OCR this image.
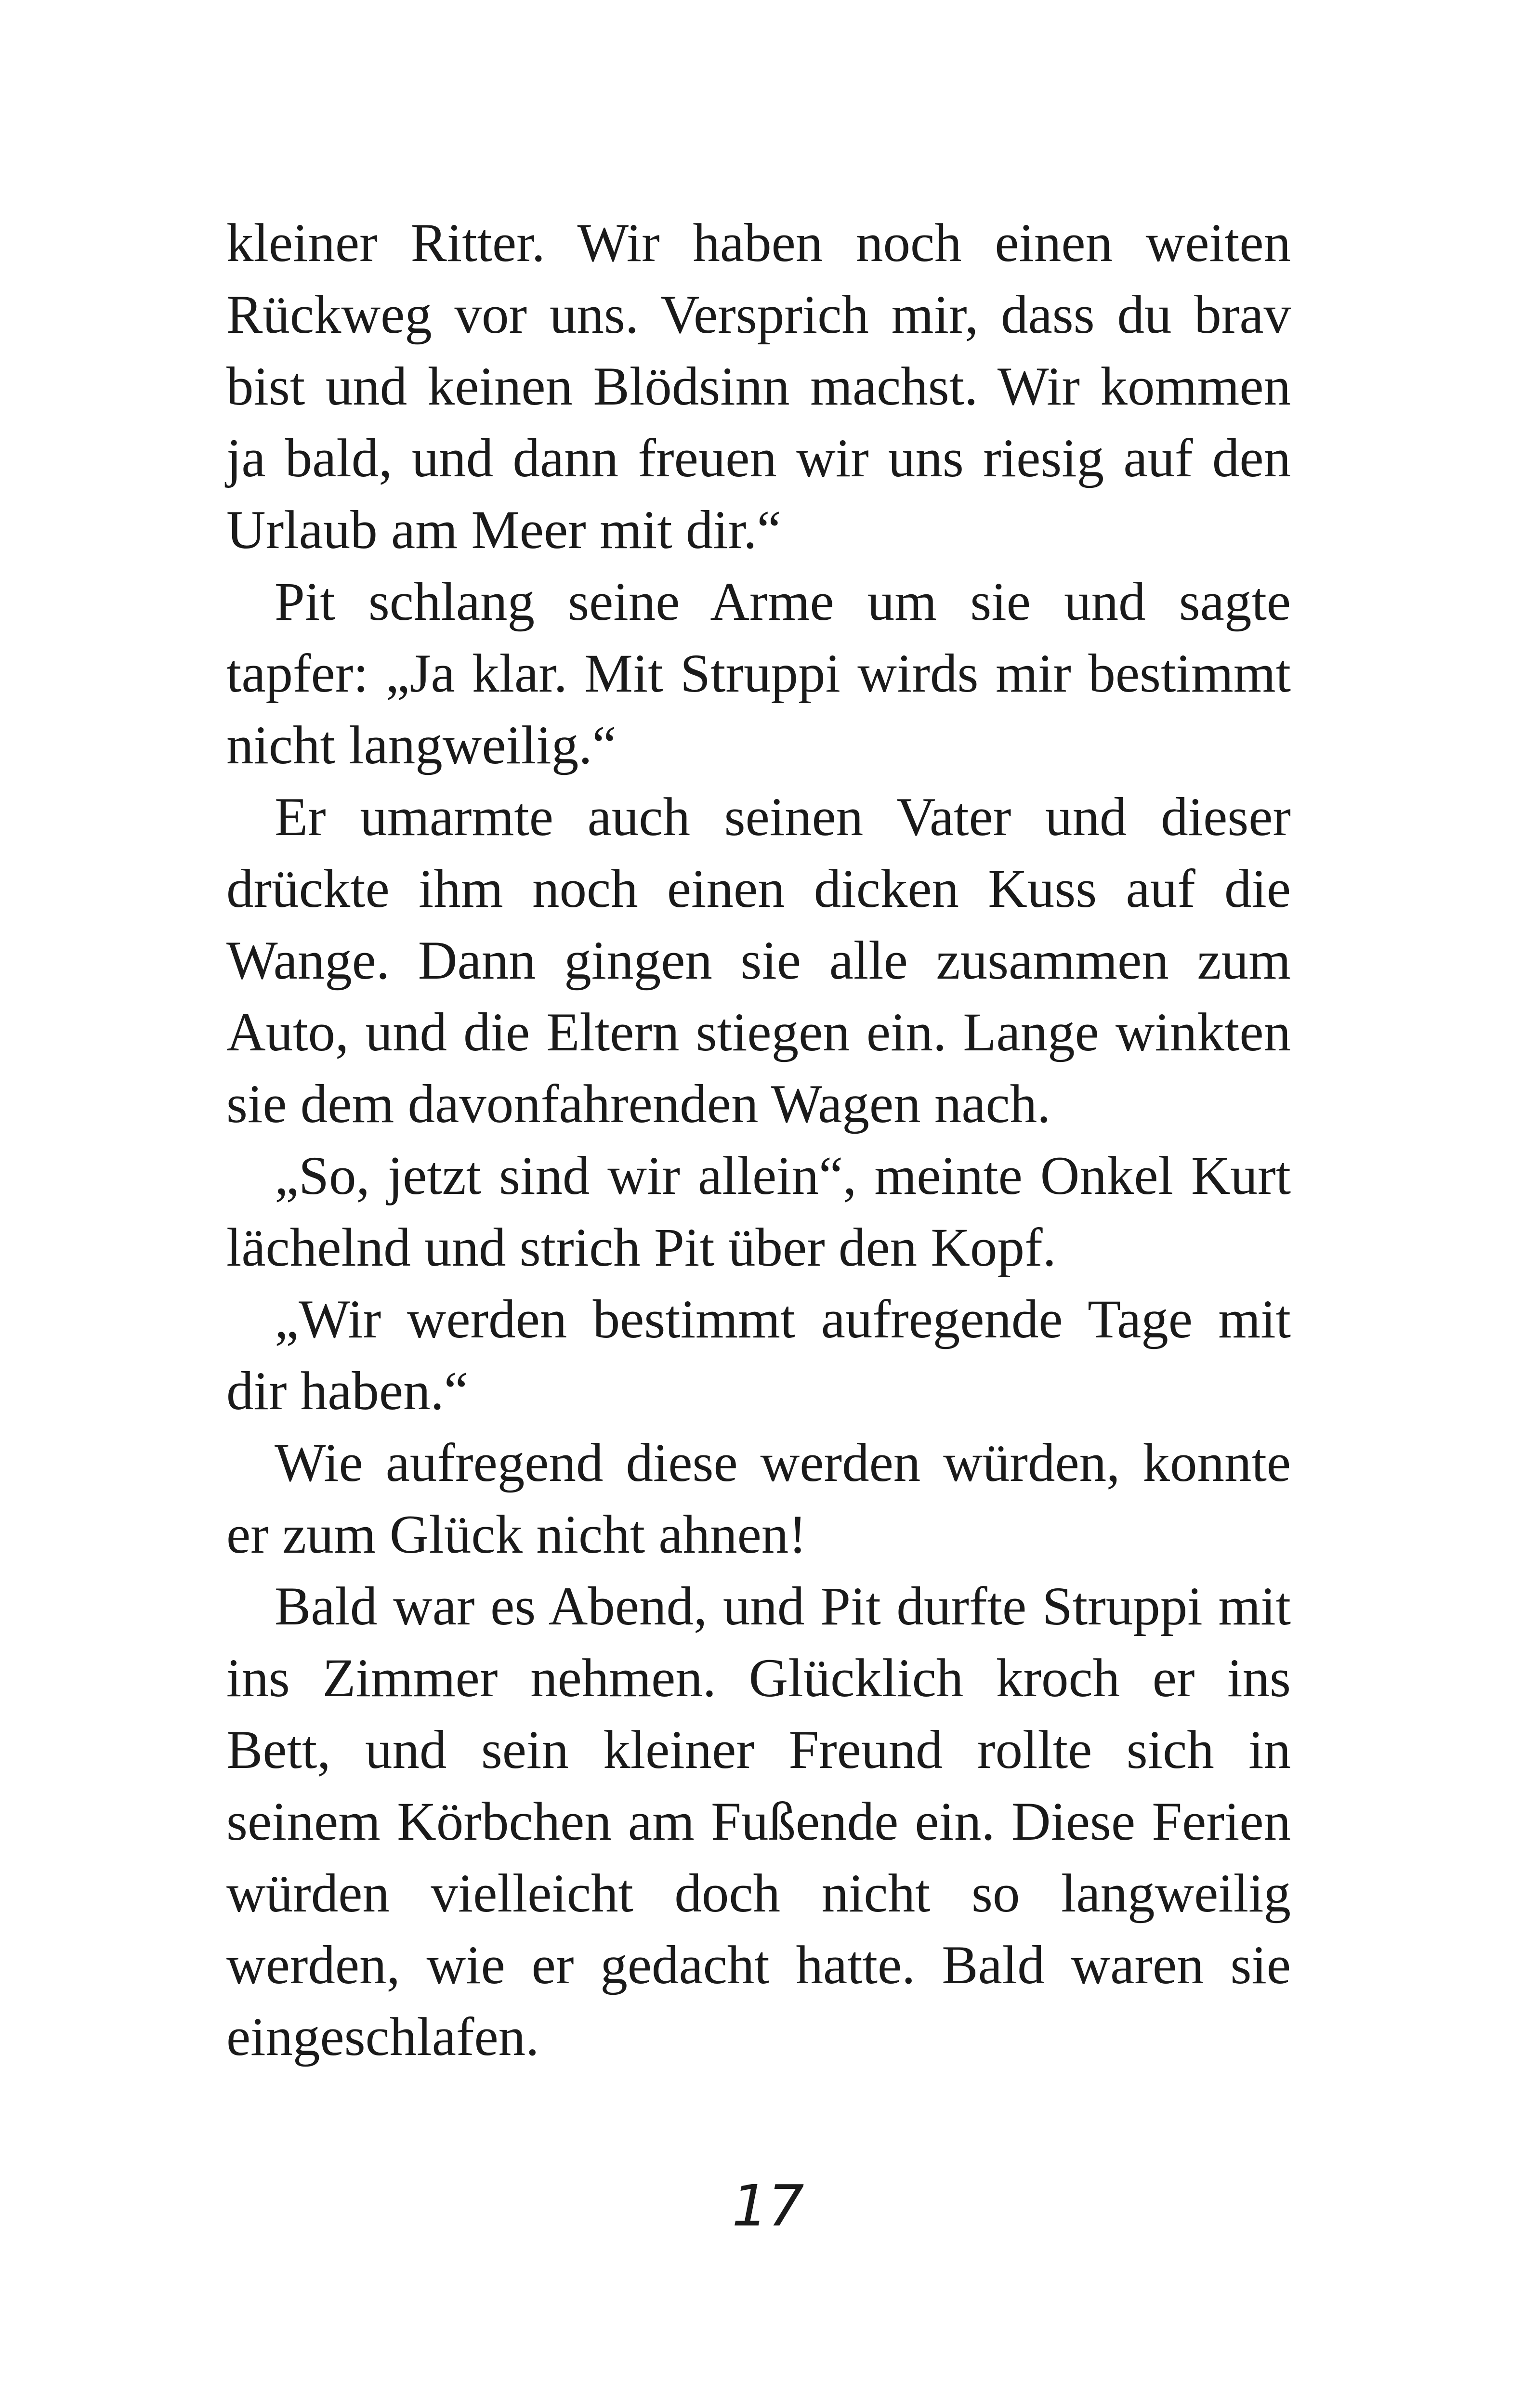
kleiner Ritter. Wir haben noch einen weiten Rückweg vor uns. Versprich mir, dass du brav bist und keinen Blödsinn machst. Wir kommen ja bald, und dann freuen wir uns riesig auf den Urlaub am Meer mit dir.“

Pit schlang seine Arme um sie und sagte tapfer: „Ja klar. Mit Struppi wirds mir bestimmt nicht langweilig.“

Er umarmte auch seinen Vater und dieser drückte ihm noch einen dicken Kuss auf die Wange. Dann gingen sie alle zusammen zum Auto, und die Eltern stiegen ein. Lange winkten sie dem davonfahrenden Wagen nach.

„So, jetzt sind wir allein“, meinte Onkel Kurt lächelnd und strich Pit über den Kopf.

„Wir werden bestimmt aufregende Tage mit dir haben.“

Wie aufregend diese werden würden, konnte er zum Glück nicht ahnen!

Bald war es Abend, und Pit durfte Struppi mit ins Zimmer nehmen. Glücklich kroch er ins Bett, und sein kleiner Freund rollte sich in seinem Körbchen am Fußende ein. Diese Ferien würden vielleicht doch nicht so langweilig werden, wie er gedacht hatte. Bald waren sie eingeschlafen.

17
